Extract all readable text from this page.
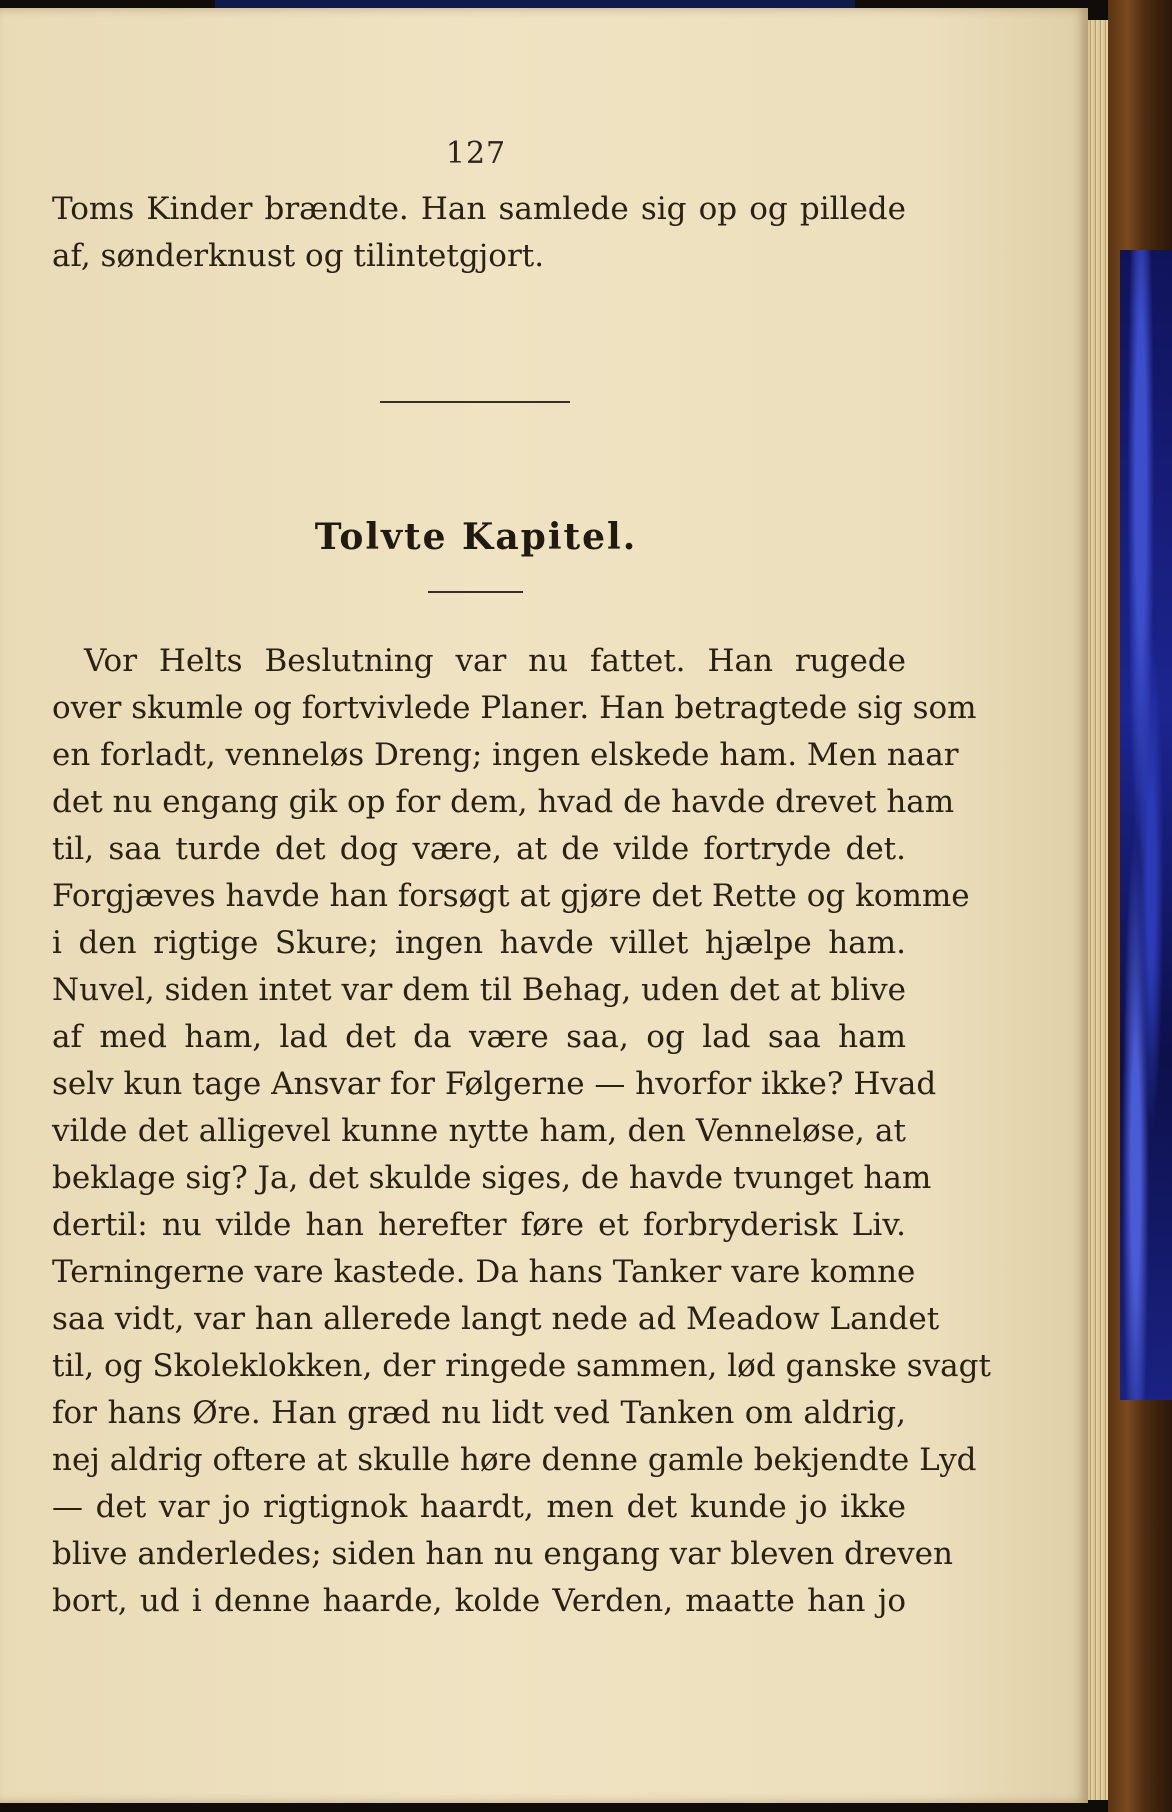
127
Toms Kinder brændte. Han samlede sig op og pillede
af, sønderknust og tilintetgjort.
Tolvte Kapitel.
Vor Helts Beslutning var nu fattet. Han rugede
over skumle og fortvivlede Planer. Han betragtede sig som
en forladt, venneløs Dreng; ingen elskede ham. Men naar
det nu engang gik op for dem, hvad de havde drevet ham
til, saa turde det dog være, at de vilde fortryde det.
Forgjæves havde han forsøgt at gjøre det Rette og komme
i den rigtige Skure; ingen havde villet hjælpe ham.
Nuvel, siden intet var dem til Behag, uden det at blive
af med ham, lad det da være saa, og lad saa ham
selv kun tage Ansvar for Følgerne — hvorfor ikke? Hvad
vilde det alligevel kunne nytte ham, den Venneløse, at
beklage sig? Ja, det skulde siges, de havde tvunget ham
dertil: nu vilde han herefter føre et forbryderisk Liv.
Terningerne vare kastede. Da hans Tanker vare komne
saa vidt, var han allerede langt nede ad Meadow Landet
til, og Skoleklokken, der ringede sammen, lød ganske svagt
for hans Øre. Han græd nu lidt ved Tanken om aldrig,
nej aldrig oftere at skulle høre denne gamle bekjendte Lyd
— det var jo rigtignok haardt, men det kunde jo ikke
blive anderledes; siden han nu engang var bleven dreven
bort, ud i denne haarde, kolde Verden, maatte han jo
